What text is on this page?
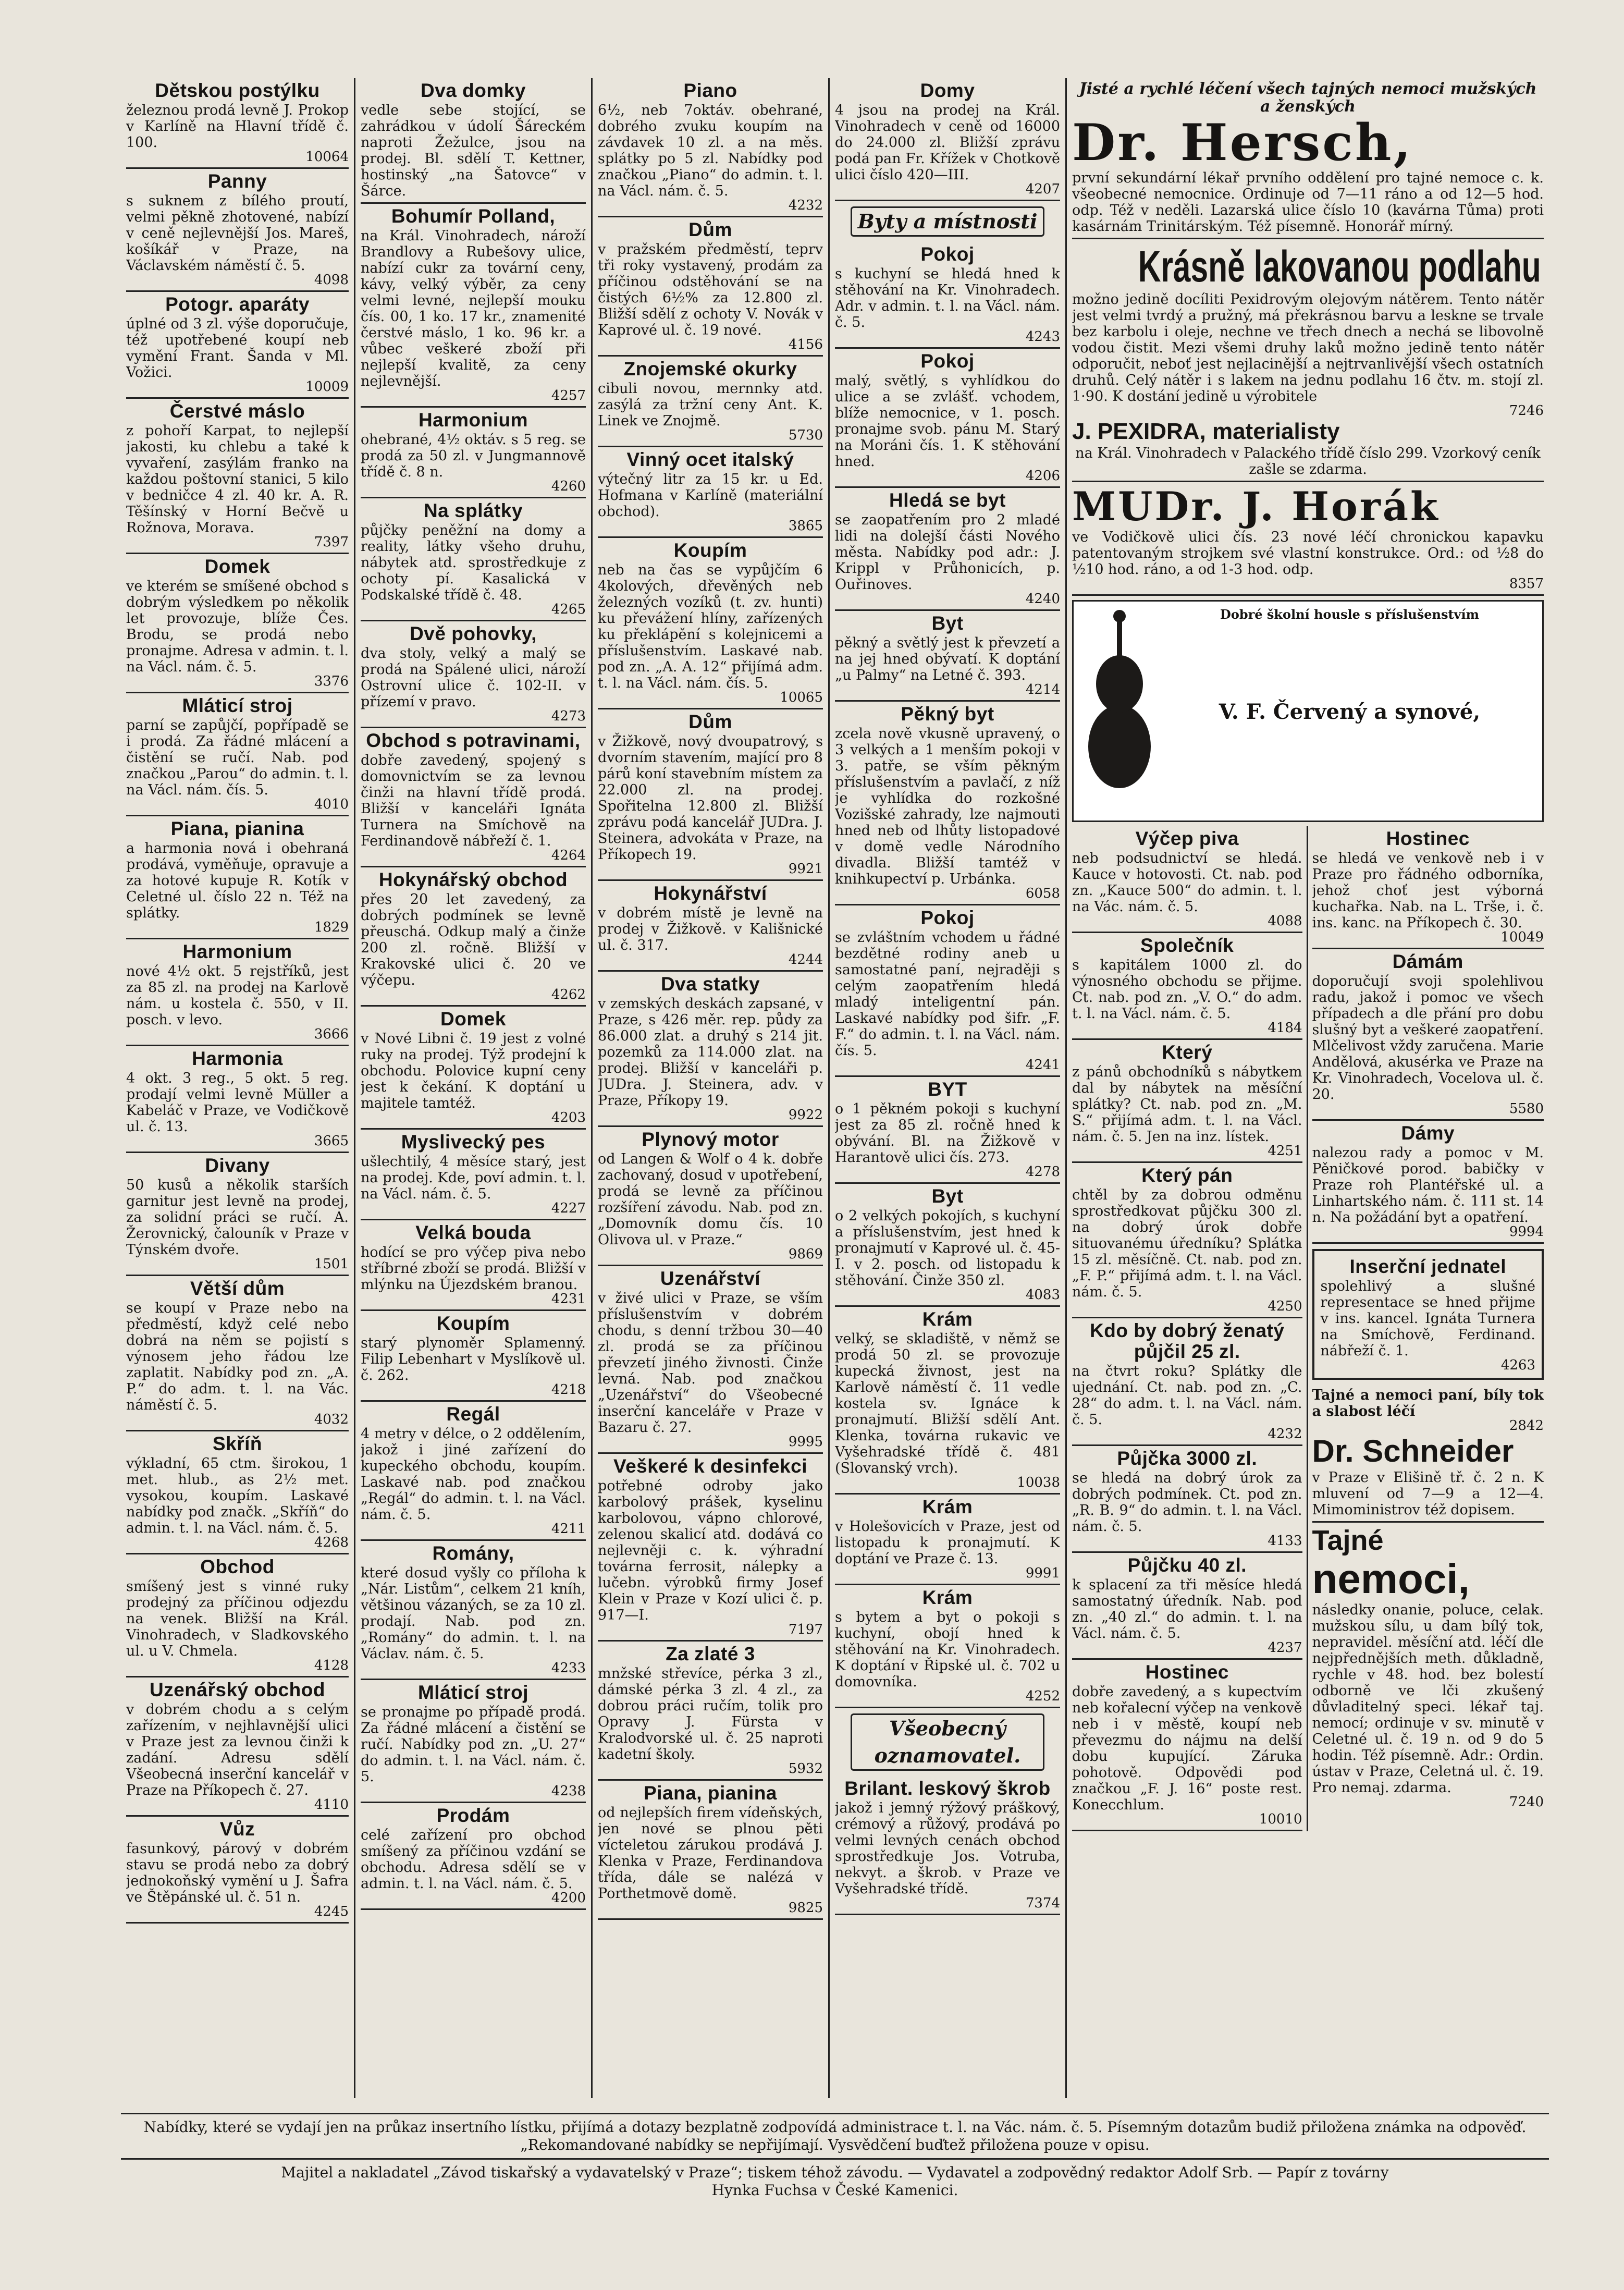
Dětskou postýlku

železnou prodá levně J. Prokop v Karlíně na Hlavní třídě č. 100.

10064

Panny

s suknem z bílého proutí, velmi pěkně zhotovené, nabízí v ceně nejlevnější Jos. Mareš, košíkář v Praze, na Václavském náměstí č. 5.

4098

Potogr. aparáty

úplné od 3 zl. výše doporučuje, též upotřebené koupí neb vymění Frant. Šanda v Ml. Vožici.

10009

Čerstvé máslo

z pohoří Karpat, to nejlepší jakosti, ku chlebu a také k vyvaření, zasýlám franko na každou poštovní stanici, 5 kilo v bedničce 4 zl. 40 kr. A. R. Těšínský v Horní Bečvě u Rožnova, Morava.

7397

Domek

ve kterém se smíšené obchod s dobrým výsledkem po několik let provozuje, blíže Čes. Brodu, se prodá nebo pronajme. Adresa v admin. t. l. na Václ. nám. č. 5.

3376

Mláticí stroj

parní se zapůjčí, popřípadě se i prodá. Za řádné mlácení a čistění se ručí. Nab. pod značkou „Parou“ do admin. t. l. na Václ. nám. čís. 5.

4010

Piana, pianina

a harmonia nová i obehraná prodává, vyměňuje, opravuje a za hotové kupuje R. Kotík v Celetné ul. číslo 22 n. Též na splátky.

1829

Harmonium

nové 4½ okt. 5 rejstříků, jest za 85 zl. na prodej na Karlově nám. u kostela č. 550, v II. posch. v levo.

3666

Harmonia

4 okt. 3 reg., 5 okt. 5 reg. prodají velmi levně Müller a Kabeláč v Praze, ve Vodičkově ul. č. 13.

3665

Divany

50 kusů a několik starších garnitur jest levně na prodej, za solidní práci se ručí. A. Žerovnický, čalouník v Praze v Týnském dvoře.

1501

Větší dům

se koupí v Praze nebo na předměstí, když celé nebo dobrá na něm se pojistí s výnosem jeho řádou lze zaplatit. Nabídky pod zn. „A. P.“ do adm. t. l. na Vác. náměstí č. 5.

4032

Skříň

výkladní, 65 ctm. širokou, 1 met. hlub., as 2½ met. vysokou, koupím. Laskavé nabídky pod značk. „Skříň“ do admin. t. l. na Václ. nám. č. 5.

4268

Obchod

smíšený jest s vinné ruky prodejný za příčinou odjezdu na venek. Bližší na Král. Vinohradech, v Sladkovského ul. u V. Chmela.

4128

Uzenářský obchod

v dobrém chodu a s celým zařízením, v nejhlavnější ulici v Praze jest za levnou činži k zadání. Adresu sdělí Všeobecná inserční kancelář v Praze na Příkopech č. 27.

4110

Vůz

fasunkový, párový v dobrém stavu se prodá nebo za dobrý jednokoňský vymění u J. Šafra ve Štěpánské ul. č. 51 n.

4245

Dva domky

vedle sebe stojící, se zahrádkou v údolí Šáreckém naproti Žežulce, jsou na prodej. Bl. sdělí T. Kettner, hostinský „na Šatovce“ v Šárce.

Bohumír Polland,

na Král. Vinohradech, nároží Brandlovy a Rubešovy ulice, nabízí cukr za tovární ceny, kávy, velký výběr, za ceny velmi levné, nejlepší mouku čís. 00, 1 ko. 17 kr., znamenité čerstvé máslo, 1 ko. 96 kr. a vůbec veškeré zboží při nejlepší kvalitě, za ceny nejlevnější.

4257

Harmonium

ohebrané, 4½ oktáv. s 5 reg. se prodá za 50 zl. v Jungmannově třídě č. 8 n.

4260

Na splátky

půjčky peněžní na domy a reality, látky všeho druhu, nábytek atd. sprostředkuje z ochoty pí. Kasalická v Podskalské třídě č. 48.

4265

Dvě pohovky,

dva stoly, velký a malý se prodá na Spálené ulici, nároží Ostrovní ulice č. 102-II. v přízemí v pravo.

4273

Obchod s potravinami,

dobře zavedený, spojený s domovnictvím se za levnou činži na hlavní třídě prodá. Bližší v kanceláři Ignáta Turnera na Smíchově na Ferdinandově nábřeží č. 1.

4264

Hokynářský obchod

přes 20 let zavedený, za dobrých podmínek se levně přeuschá. Odkup malý a činže 200 zl. ročně. Bližší v Krakovské ulici č. 20 ve výčepu.

4262

Domek

v Nové Libni č. 19 jest z volné ruky na prodej. Týž prodejní k obchodu. Polovice kupní ceny jest k čekání. K doptání u majitele tamtéž.

4203

Myslivecký pes

ušlechtilý, 4 měsíce starý, jest na prodej. Kde, poví admin. t. l. na Václ. nám. č. 5.

4227

Velká bouda

hodící se pro výčep piva nebo stříbrné zboží se prodá. Bližší v mlýnku na Újezdském branou.

4231

Koupím

starý plynoměr Splamenný. Filip Lebenhart v Myslíkově ul. č. 262.

4218

Regál

4 metry v délce, o 2 oddělením, jakož i jiné zařízení do kupeckého obchodu, koupím. Laskavé nab. pod značkou „Regál“ do admin. t. l. na Václ. nám. č. 5.

4211

Romány,

které dosud vyšly co příloha k „Nár. Listům“, celkem 21 kníh, většinou vázaných, se za 10 zl. prodají. Nab. pod zn. „Romány“ do admin. t. l. na Václav. nám. č. 5.

4233

Mláticí stroj

se pronajme po případě prodá. Za řádné mlácení a čistění se ručí. Nabídky pod zn. „U. 27“ do admin. t. l. na Václ. nám. č. 5.

4238

Prodám

celé zařízení pro obchod smíšený za příčinou vzdání se obchodu. Adresa sdělí se v admin. t. l. na Václ. nám. č. 5.

4200

Piano

6½, neb 7oktáv. obehrané, dobrého zvuku koupím na závdavek 10 zl. a na měs. splátky po 5 zl. Nabídky pod značkou „Piano“ do admin. t. l. na Václ. nám. č. 5.

4232

Dům

v pražském předměstí, teprv tři roky vystavený, prodám za příčinou odstěhování se na čistých 6½% za 12.800 zl. Bližší sdělí z ochoty V. Novák v Kaprové ul. č. 19 nové.

4156

Znojemské okurky

cibuli novou, mernnky atd. zasýlá za tržní ceny Ant. K. Linek ve Znojmě.

5730

Vinný ocet italský

výtečný litr za 15 kr. u Ed. Hofmana v Karlíně (materiální obchod).

3865

Koupím

neb na čas se vypůjčím 6 4kolových, dřevěných neb železných vozíků (t. zv. hunti) ku převážení hlíny, zařízených ku překlápění s kolejnicemi a příslušenstvím. Laskavé nab. pod zn. „A. A. 12“ přijímá adm. t. l. na Václ. nám. čís. 5.

10065

Dům

v Žižkově, nový dvoupatrový, s dvorním stavením, mající pro 8 párů koní stavebním místem za 22.000 zl. na prodej. Spořitelna 12.800 zl. Bližší zprávu podá kancelář JUDra. J. Steinera, advokáta v Praze, na Příkopech 19.

9921

Hokynářství

v dobrém místě je levně na prodej v Žižkově. v Kališnické ul. č. 317.

4244

Dva statky

v zemských deskách zapsané, v Praze, s 426 měr. rep. půdy za 86.000 zlat. a druhý s 214 jit. pozemků za 114.000 zlat. na prodej. Bližší v kanceláři p. JUDra. J. Steinera, adv. v Praze, Příkopy 19.

9922

Plynový motor

od Langen & Wolf o 4 k. dobře zachovaný, dosud v upotřebení, prodá se levně za příčinou rozšíření závodu. Nab. pod zn. „Domovník domu čís. 10 Olivova ul. v Praze.“

9869

Uzenářství

v živé ulici v Praze, se vším příslušenstvím v dobrém chodu, s denní tržbou 30—40 zl. prodá se za příčinou převzetí jiného živnosti. Činže levná. Nab. pod značkou „Uzenářství“ do Všeobecné inserční kanceláře v Praze v Bazaru č. 27.

9995

Veškeré k desinfekci

potřebné odroby jako karbolový prášek, kyselinu karbolovou, vápno chlorové, zelenou skalicí atd. dodává co nejlevněji c. k. výhradní továrna ferrosit, nálepky a lučebn. výrobků firmy Josef Klein v Praze v Kozí ulici č. p. 917—I.

7197

Za zlaté 3

mnžské střevíce, pérka 3 zl., dámské pérka 3 zl. 4 zl., za dobrou práci ručím, tolik pro Opravy J. Fürsta v Kralodvorské ul. č. 25 naproti kadetní školy.

5932

Piana, pianina

od nejlepších firem vídeňských, jen nové se plnou pěti vícteletou zárukou prodává J. Klenka v Praze, Ferdinandova třída, dále se nalézá v Porthetmově domě.

9825

Domy

4 jsou na prodej na Král. Vinohradech v ceně od 16000 do 24.000 zl. Bližší zprávu podá pan Fr. Křížek v Chotkově ulici číslo 420—III.

4207

Byty a místnosti
Pokoj

s kuchyní se hledá hned k stěhování na Kr. Vinohradech. Adr. v admin. t. l. na Václ. nám. č. 5.

4243

Pokoj

malý, světlý, s vyhlídkou do ulice a se zvlášť. vchodem, blíže nemocnice, v 1. posch. pronajme svob. pánu M. Starý na Moráni čís. 1. K stěhování hned.

4206

Hledá se byt

se zaopatřením pro 2 mladé lidi na dolejší části Nového města. Nabídky pod adr.: J. Krippl v Průhonicích, p. Ouřinoves.

4240

Byt

pěkný a světlý jest k převzetí a na jej hned obývatí. K doptání „u Palmy“ na Letné č. 393.

4214

Pěkný byt

zcela nově vkusně upravený, o 3 velkých a 1 menším pokoji v 3. patře, se vším pěkným příslušenstvím a pavlačí, z níž je vyhlídka do rozkošné Vozišské zahrady, lze najmouti hned neb od lhůty listopadové v domě vedle Národního divadla. Bližší tamtéž v knihkupectví p. Urbánka.

6058

Pokoj

se zvláštním vchodem u řádné bezdětné rodiny aneb u samostatné paní, nejraději s celým zaopatřením hledá mladý inteligentní pán. Laskavé nabídky pod šifr. „F. F.“ do admin. t. l. na Václ. nám. čís. 5.

4241

BYT

o 1 pěkném pokoji s kuchyní jest za 85 zl. ročně hned k obývání. Bl. na Žižkově v Harantově ulici čís. 273.

4278

Byt

o 2 velkých pokojích, s kuchyní a příslušenstvím, jest hned k pronajmutí v Kaprové ul. č. 45-I. v 2. posch. od listopadu k stěhování. Činže 350 zl.

4083

Krám

velký, se skladiště, v němž se prodá 50 zl. se provozuje kupecká živnost, jest na Karlově náměstí č. 11 vedle kostela sv. Ignáce k pronajmutí. Bližší sdělí Ant. Klenka, továrna rukavic ve Vyšehradské třídě č. 481 (Slovanský vrch).

10038

Krám

v Holešovicích v Praze, jest od listopadu k pronajmutí. K doptání ve Praze č. 13.

9991

Krám

s bytem a byt o pokoji s kuchyní, obojí hned k stěhování na Kr. Vinohradech. K doptání v Řipské ul. č. 702 u domovníka.

4252

Všeobecný oznamovatel.
Brilant. leskový škrob

jakož i jemný rýžový práškový, crémový a růžový, prodává po velmi levných cenách obchod sprostředkuje Jos. Votruba, nekvyt. a škrob. v Praze ve Vyšehradské třídě.

7374

Jisté a rychlé léčení všech tajných nemoci mužských a ženských

Dr. Hersch,

první sekundární lékař prvního oddělení pro tajné nemoce c. k. všeobecné nemocnice. Ordinuje od 7—11 ráno a od 12—5 hod. odp. Též v neděli. Lazarská ulice číslo 10 (kavárna Tůma) proti kasárnám Trinitárským. Též písemně. Honorář mírný.

Krásně lakovanou podlahu

možno jedině docíliti Pexidrovým olejovým nátěrem. Tento nátěr jest velmi tvrdý a pružný, má překrásnou barvu a leskne se trvale bez karbolu i oleje, nechne ve třech dnech a nechá se libovolně vodou čistit. Mezi všemi druhy laků možno jedině tento nátěr odporučit, neboť jest nejlacinější a nejtrvanlivější všech ostatních druhů. Celý nátěr i s lakem na jednu podlahu 16 čtv. m. stojí zl. 1·90. K dostání jedině u výrobitele

7246

J. PEXIDRA, materialisty

na Král. Vinohradech v Palackého třídě číslo 299. Vzorkový ceník zašle se zdarma.

MUDr. J. Horák

ve Vodičkově ulici čís. 23 nové léčí chronickou kapavku patentovaným strojkem své vlastní konstrukce. Ord.: od ½8 do ½10 hod. ráno, a od 1-3 hod. odp.

8357

Dobré školní housle s příslušenstvím

V. F. Červený a synové,

Výčep piva

neb podsudnictví se hledá. Kauce v hotovosti. Ct. nab. pod zn. „Kauce 500“ do admin. t. l. na Vác. nám. č. 5.

4088

Společník

s kapitálem 1000 zl. do výnosného obchodu se přijme. Ct. nab. pod zn. „V. O.“ do adm. t. l. na Václ. nám. č. 5.

4184

Který

z pánů obchodníků s nábytkem dal by nábytek na měsíční splátky? Ct. nab. pod zn. „M. S.“ přijímá adm. t. l. na Václ. nám. č. 5. Jen na inz. lístek.

4251

Který pán

chtěl by za dobrou odměnu sprostředkovat půjčku 300 zl. na dobrý úrok dobře situovanému úředníku? Splátka 15 zl. měsíčně. Ct. nab. pod zn. „F. P.“ přijímá adm. t. l. na Václ. nám. č. 5.

4250

Kdo by dobrý ženatý půjčil 25 zl.

na čtvrt roku? Splátky dle ujednání. Ct. nab. pod zn. „C. 28“ do adm. t. l. na Václ. nám. č. 5.

4232

Půjčka 3000 zl.

se hledá na dobrý úrok za dobrých podmínek. Ct. pod zn. „R. B. 9“ do admin. t. l. na Václ. nám. č. 5.

4133

Půjčku 40 zl.

k splacení za tři měsíce hledá samostatný úředník. Nab. pod zn. „40 zl.“ do admin. t. l. na Václ. nám. č. 5.

4237

Hostinec

dobře zavedený, a s kupectvím neb kořalecní výčep na venkově neb i v městě, koupí neb převezmu do nájmu na delší dobu kupující. Záruka pohotově. Odpovědi pod značkou „F. J. 16“ poste rest. Konecchlum.

10010

Hostinec

se hledá ve venkově neb i v Praze pro řádného odborníka, jehož choť jest výborná kuchařka. Nab. na L. Trše, i. č. ins. kanc. na Příkopech č. 30.

10049

Dámám

doporučují svoji spolehlivou radu, jakož i pomoc ve všech případech a dle přání pro dobu slušný byt a veškeré zaopatření. Mlčelivost vždy zaručena. Marie Andělová, akusérka ve Praze na Kr. Vinohradech, Vocelova ul. č. 20.

5580

Dámy

nalezou rady a pomoc v M. Pěničkové porod. babičky v Praze roh Plantéřské ul. a Linhartského nám. č. 111 st. 14 n. Na požádání byt a opatření.

9994

Inserční jednatel

spolehlivý a slušné representace se hned přijme v ins. kancel. Ignáta Turnera na Smíchově, Ferdinand. nábřeží č. 1.

4263

Tajné a nemoci paní, bíly tok a slabost léčí

2842

Dr. Schneider

v Praze v Elišině tř. č. 2 n. K mluvení od 7—9 a 12—4. Mimoministrov též dopisem.

Tajné

nemoci,

následky onanie, poluce, celak. mužskou sílu, u dam bílý tok, nepravidel. měsíční atd. léčí dle nejpřednějších meth. důkladně, rychle v 48. hod. bez bolestí odborně ve lči zkušený důvladitelný speci. lékař taj. nemocí; ordinuje v sv. minutě v Celetné ul. č. 19 n. od 9 do 5 hodin. Též písemně. Adr.: Ordin. ústav v Praze, Celetná ul. č. 19. Pro nemaj. zdarma.

7240

Nabídky, které se vydají jen na průkaz insertního lístku, přijímá a dotazy bezplatně zodpovídá administrace t. l. na Vác. nám. č. 5. Písemným dotazům budiž přiložena známka na odpověď. „Rekomandované nabídky se nepřijímají. Vysvědčení buďtež přiložena pouze v opisu.

Majitel a nakladatel „Závod tiskařský a vydavatelský v Praze“; tiskem téhož závodu. — Vydavatel a zodpovědný redaktor Adolf Srb. — Papír z továrny

Hynka Fuchsa v České Kamenici.
